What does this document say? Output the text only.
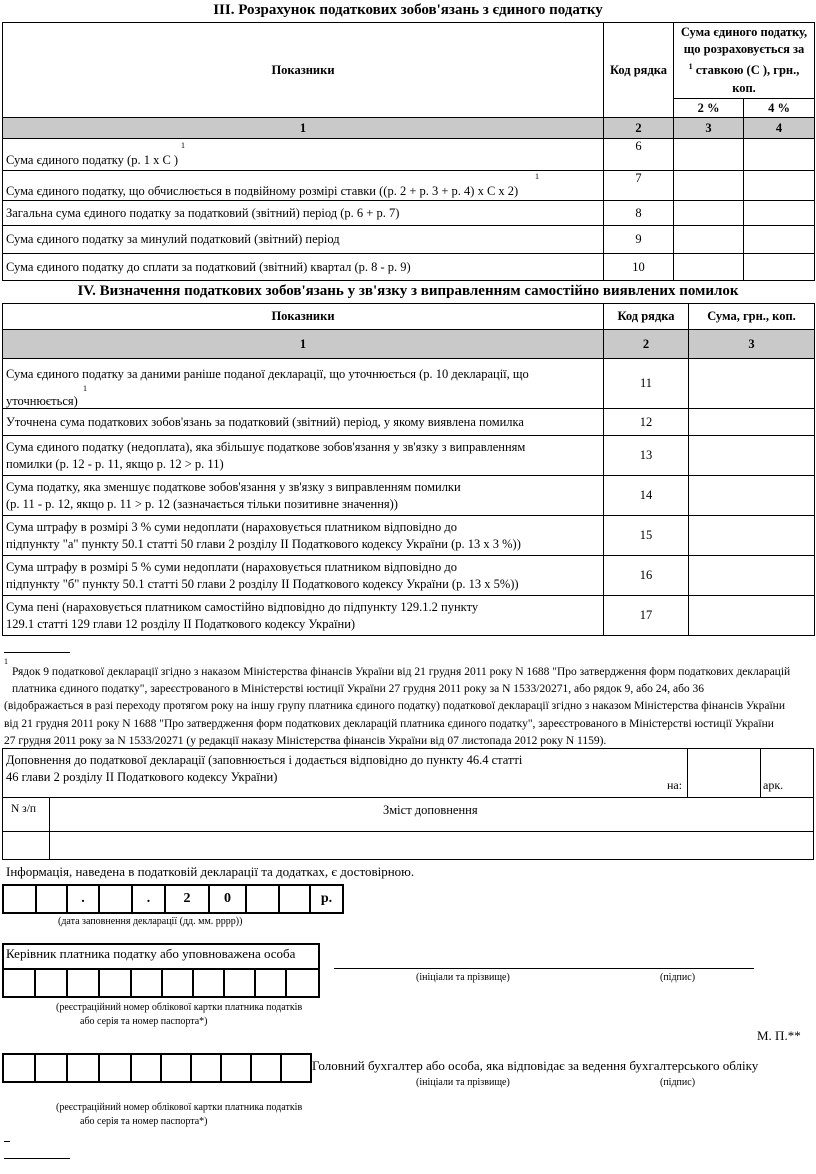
III. Розрахунок податкових зобов'язань з єдиного податку
Показники	Код рядка	Сума єдиного податку,
що розраховується за
$^1$ ставкою (С ), грн.,
коп.	
		2 %	4 %
1	2	3	4

1
Сума єдиного податку (р. 1 х С )	6		

1
Сума єдиного податку, що обчислюється в подвійному розмірі ставки ((р. 2 + р. 3 + р. 4) х С х 2)	7		
Загальна сума єдиного податку за податковий (звітний) період (р. 6 + р. 7)	8		
Сума єдиного податку за минулий податковий (звітний) період	9		
Сума єдиного податку до сплати за податковий (звітний) квартал (р. 8 - р. 9)	10		
IV. Визначення податкових зобов'язань у зв'язку з виправленням самостійно виявлених помилок
Показники	Код рядка	Сума, грн., коп.
1	2	3
Сума єдиного податку за даними раніше поданої декларації, що уточнюється (р. 10 декларації, що

1
уточнюється)	11	
Уточнена сума податкових зобов'язань за податковий (звітний) період, у якому виявлена помилка	12	
Сума єдиного податку (недоплата), яка збільшує податкове зобов'язання у зв'язку з виправленням
помилки (р. 12 - р. 11, якщо р. 12 > р. 11)	13	
Сума податку, яка зменшує податкове зобов'язання у зв'язку з виправленням помилки
(р. 11 - р. 12, якщо р. 11 > р. 12 (зазначається тільки позитивне значення))	14	
Сума штрафу в розмірі 3 % суми недоплати (нараховується платником відповідно до
підпункту "а" пункту 50.1 статті 50 глави 2 розділу II Податкового кодексу України (р. 13 х 3 %))	15	
Сума штрафу в розмірі 5 % суми недоплати (нараховується платником відповідно до
підпункту "б" пункту 50.1 статті 50 глави 2 розділу II Податкового кодексу України (р. 13 х 5%))	16	
Сума пені (нараховується платником самостійно відповідно до підпункту 129.1.2 пункту
129.1 статті 129 глави 12 розділу II Податкового кодексу України)	17	
1
Рядок 9 податкової декларації згідно з наказом Міністерства фінансів України від 21 грудня 2011 року N 1688 "Про затвердження форм податкових декларацій
платника єдиного податку", зареєстрованого в Міністерстві юстиції України 27 грудня 2011 року за N 1533/20271, або рядок 9, або 24, або 36
(відображається в разі переходу протягом року на іншу групу платника єдиного податку) податкової декларації згідно з наказом Міністерства фінансів України
від 21 грудня 2011 року N 1688 "Про затвердження форм податкових декларацій платника єдиного податку", зареєстрованого в Міністерстві юстиції України
27 грудня 2011 року за N 1533/20271 (у редакції наказу Міністерства фінансів України від 07 листопада 2012 року N 1159).
Доповнення до податкової декларації (заповнюється і додається відповідно до пункту 46.4 статті
46 глави 2 розділу II Податкового кодексу України)
на:	арк.
N з/п	Зміст доповнення
Інформація, наведена в податковій декларації та додатках, є достовірною.
.	.	2	0	р.
(дата заповнення декларації (дд. мм. рррр))
Керівник платника податку або уповноважена особа
(ініціали та прізвище)	(підпис)
(реєстраційний номер облікової картки платника податків
або серія та номер паспорта*)
М. П.**
Головний бухгалтер або особа, яка відповідає за ведення бухгалтерського обліку
(ініціали та прізвище)	(підпис)
(реєстраційний номер облікової картки платника податків
або серія та номер паспорта*)
